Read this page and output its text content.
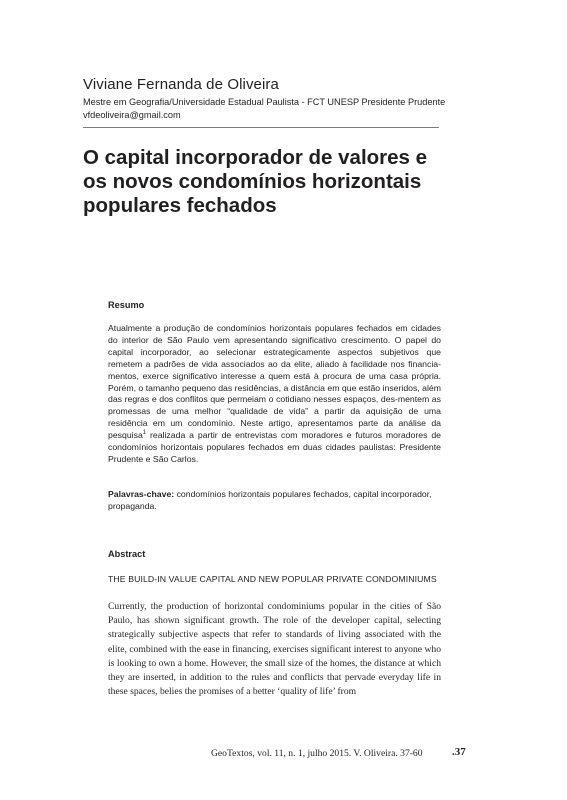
Viviane Fernanda de Oliveira
Mestre em Geografia/Universidade Estadual Paulista - FCT UNESP Presidente Prudente
vfdeoliveira@gmail.com
O capital incorporador de valores e os novos condomínios horizontais populares fechados
Resumo

Atualmente a produção de condomínios horizontais populares fechados em cidades do interior de São Paulo vem apresentando significativo crescimento. O papel do capital incorporador, ao selecionar estrategicamente aspectos subjetivos que remetem a padrões de vida associados ao da elite, aliado à facilidade nos financia-mentos, exerce significativo interesse a quem está à procura de uma casa própria. Porém, o tamanho pequeno das residências, a distância em que estão inseridos, além das regras e dos conflitos que permeiam o cotidiano nesses espaços, des-mentem as promessas de uma melhor “qualidade de vida” a partir da aquisição de uma residência em um condomínio. Neste artigo, apresentamos parte da análise da pesquisa$^1$ realizada a partir de entrevistas com moradores e futuros moradores de condomínios horizontais populares fechados em duas cidades paulistas: Presidente Prudente e São Carlos.

Palavras-chave: condomínios horizontais populares fechados, capital incorporador, propaganda.

Abstract
THE BUILD-IN VALUE CAPITAL AND NEW POPULAR PRIVATE CONDOMINIUMS

Currently, the production of horizontal condominiums popular in the cities of São Paulo, has shown significant growth. The role of the developer capital, selecting strategically subjective aspects that refer to standards of living associated with the elite, combined with the ease in financing, exercises significant interest to anyone who is looking to own a home. However, the small size of the homes, the distance at which they are inserted, in addition to the rules and conflicts that pervade everyday life in these spaces, belies the promises of a better ‘quality of life’ from

GeoTextos, vol. 11, n. 1, julho 2015. V. Oliveira. 37-60	.37
